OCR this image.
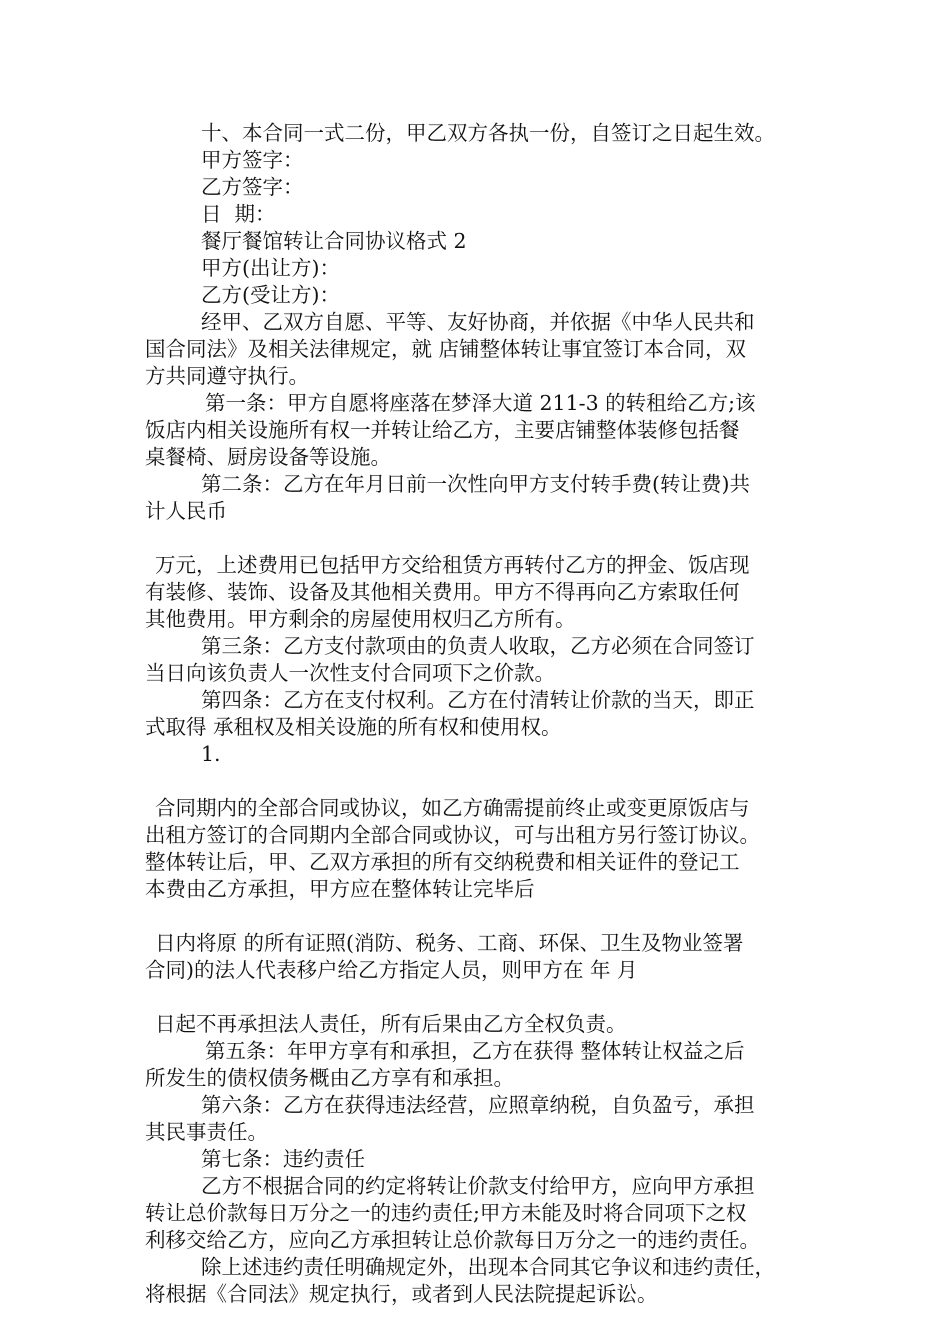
十、本合同一式二份，甲乙双方各执一份，自签订之日起生效。
甲方签字：
乙方签字：
日  期：
餐厅餐馆转让合同协议格式 2
甲方(出让方)：
乙方(受让方)：
经甲、乙双方自愿、平等、友好协商，并依据《中华人民共和
国合同法》及相关法律规定，就 店铺整体转让事宜签订本合同，双
方共同遵守执行。
第一条：甲方自愿将座落在梦泽大道 211-3 的转租给乙方;该
饭店内相关设施所有权一并转让给乙方，主要店铺整体装修包括餐
桌餐椅、厨房设备等设施。
第二条：乙方在年月日前一次性向甲方支付转手费(转让费)共
计人民币
万元，上述费用已包括甲方交给租赁方再转付乙方的押金、饭店现
有装修、装饰、设备及其他相关费用。甲方不得再向乙方索取任何
其他费用。甲方剩余的房屋使用权归乙方所有。
第三条：乙方支付款项由的负责人收取，乙方必须在合同签订
当日向该负责人一次性支付合同项下之价款。
第四条：乙方在支付权利。乙方在付清转让价款的当天，即正
式取得 承租权及相关设施的所有权和使用权。
1.
合同期内的全部合同或协议，如乙方确需提前终止或变更原饭店与
出租方签订的合同期内全部合同或协议，可与出租方另行签订协议。
整体转让后，甲、乙双方承担的所有交纳税费和相关证件的登记工
本费由乙方承担，甲方应在整体转让完毕后
日内将原 的所有证照(消防、税务、工商、环保、卫生及物业签署
合同)的法人代表移户给乙方指定人员，则甲方在 年 月
日起不再承担法人责任，所有后果由乙方全权负责。
第五条：年甲方享有和承担，乙方在获得 整体转让权益之后
所发生的债权债务概由乙方享有和承担。
第六条：乙方在获得违法经营，应照章纳税，自负盈亏，承担
其民事责任。
第七条：违约责任
乙方不根据合同的约定将转让价款支付给甲方，应向甲方承担
转让总价款每日万分之一的违约责任;甲方未能及时将合同项下之权
利移交给乙方，应向乙方承担转让总价款每日万分之一的违约责任。
除上述违约责任明确规定外，出现本合同其它争议和违约责任，
将根据《合同法》规定执行，或者到人民法院提起诉讼。
